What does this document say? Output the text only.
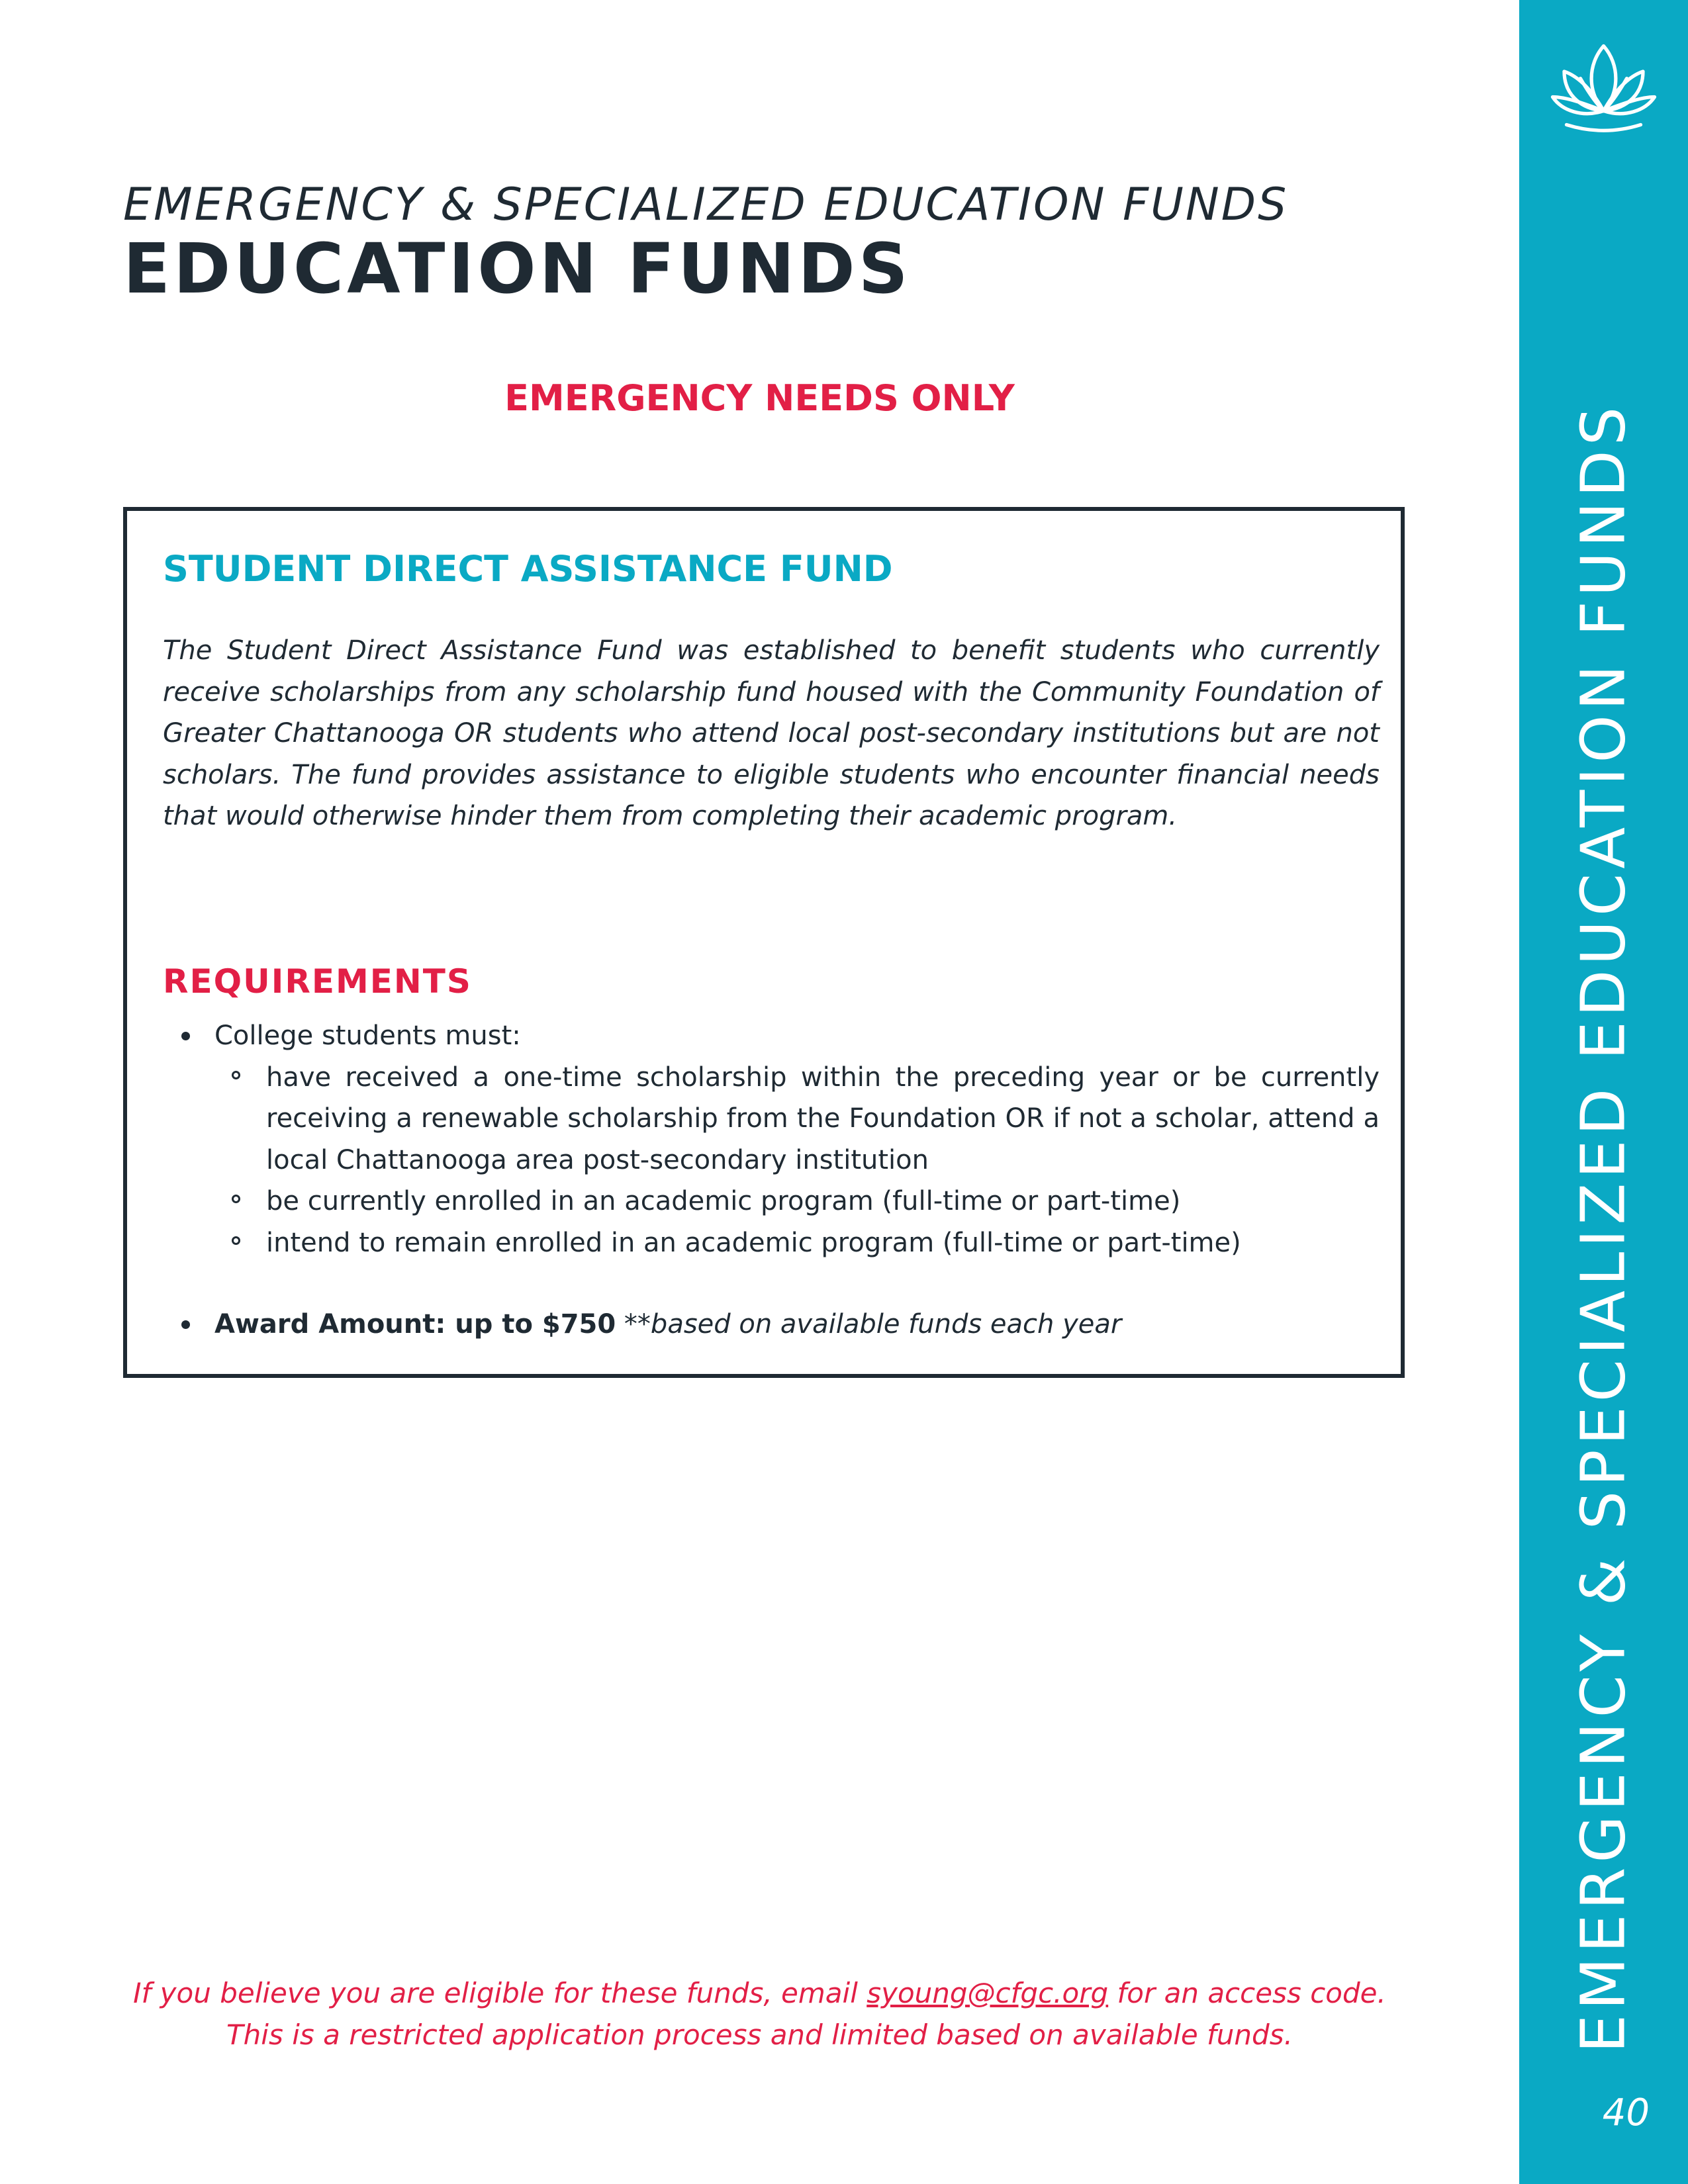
EMERGENCY & SPECIALIZED EDUCATION FUNDS
EDUCATION FUNDS
EMERGENCY NEEDS ONLY
STUDENT DIRECT ASSISTANCE FUND
The Student Direct Assistance Fund was established to benefit students who currently receive scholarships from any scholarship fund housed with the Community Foundation of Greater Chattanooga OR students who attend local post-secondary institutions but are not scholars. The fund provides assistance to eligible students who encounter financial needs that would otherwise hinder them from completing their academic program.
REQUIREMENTS
College students must:
have received a one-time scholarship within the preceding year or be currently receiving a renewable scholarship from the Foundation OR if not a scholar, attend a local Chattanooga area post-secondary institution
be currently enrolled in an academic program (full-time or part-time)
intend to remain enrolled in an academic program (full-time or part-time)
Award Amount: up to $750 **based on available funds each year
If you believe you are eligible for these funds, email syoung@cfgc.org for an access code.
This is a restricted application process and limited based on available funds.	EMERGENCY & SPECIALIZED EDUCATION FUNDS
40
